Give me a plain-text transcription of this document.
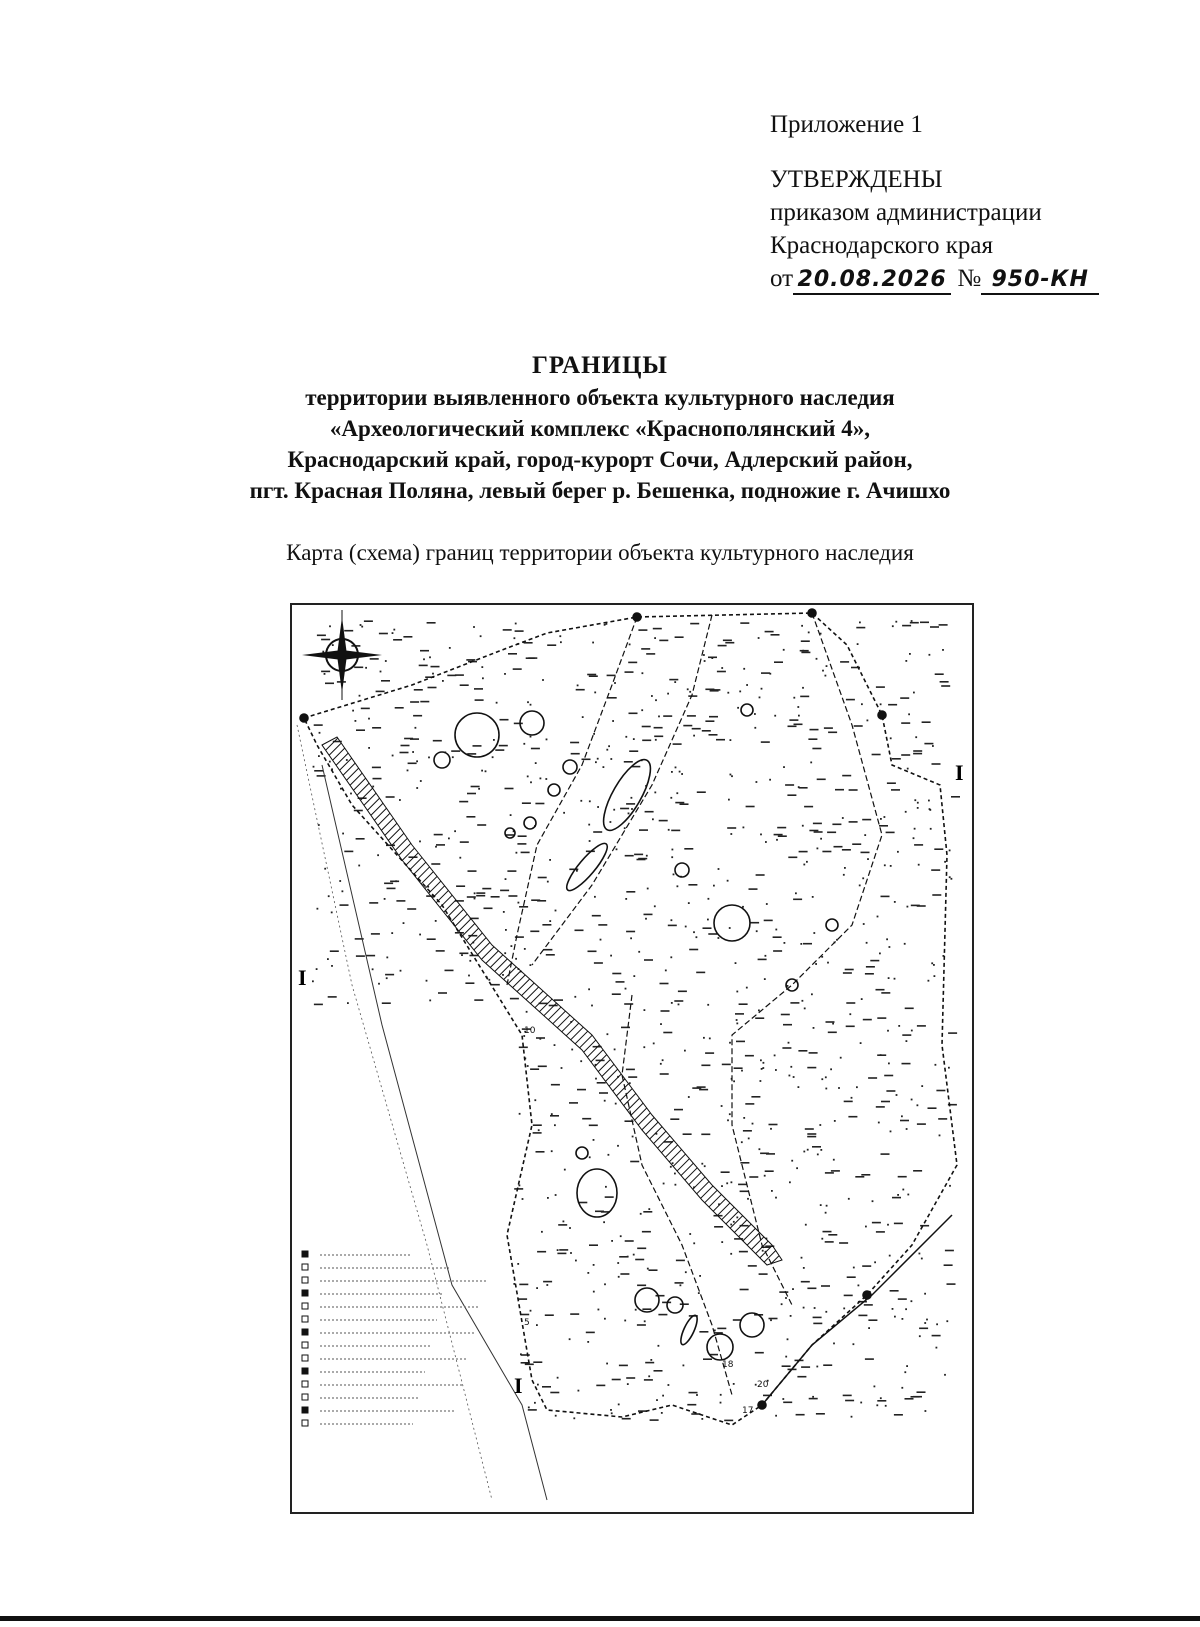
Приложение 1
УТВЕРЖДЕНЫ
приказом администрации
Краснодарского края
от 20.08.2026 № 950-КН
ГРАНИЦЫ
территории выявленного объекта культурного наследия
«Археологический комплекс «Краснополянский 4»,
Краснодарский край, город-курорт Сочи, Адлерский район,
пгт. Красная Поляна, левый берег р. Бешенка, подножие г. Ачишхо
Карта (схема) границ территории объекта культурного наследия
I
I
I
10
5
18
20
17
